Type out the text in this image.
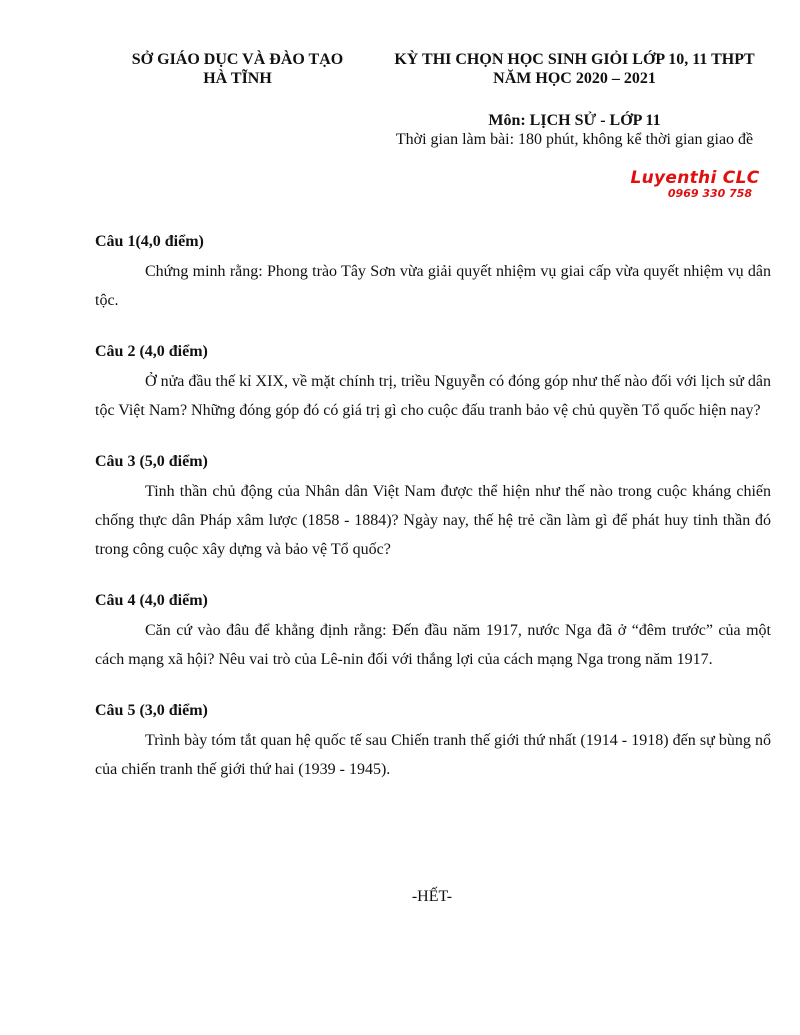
SỞ GIÁO DỤC VÀ ĐÀO TẠO
HÀ TĨNH
KỲ THI CHỌN HỌC SINH GIỎI LỚP 10, 11 THPT
NĂM HỌC 2020 – 2021
Môn: LỊCH SỬ - LỚP 11
Thời gian làm bài: 180 phút, không kể thời gian giao đề
Luyenthi CLC
0969 330 758
Câu 1(4,0 điểm)
Chứng minh rằng: Phong trào Tây Sơn vừa giải quyết nhiệm vụ giai cấp vừa quyết nhiệm vụ dân tộc.
Câu 2 (4,0 điểm)
Ở nửa đầu thế kỉ XIX, về mặt chính trị, triều Nguyễn có đóng góp như thế nào đối với lịch sử dân tộc Việt Nam? Những đóng góp đó có giá trị gì cho cuộc đấu tranh bảo vệ chủ quyền Tổ quốc hiện nay?
Câu 3 (5,0 điểm)
Tinh thần chủ động của Nhân dân Việt Nam được thể hiện như thế nào trong cuộc kháng chiến chống thực dân Pháp xâm lược (1858 - 1884)? Ngày nay, thế hệ trẻ cần làm gì để phát huy tinh thần đó trong công cuộc xây dựng và bảo vệ Tổ quốc?
Câu 4 (4,0 điểm)
Căn cứ vào đâu để khẳng định rằng: Đến đầu năm 1917, nước Nga đã ở “đêm trước” của một cách mạng xã hội? Nêu vai trò của Lê-nin đối với thắng lợi của cách mạng Nga trong năm 1917.
Câu 5 (3,0 điểm)
Trình bày tóm tắt quan hệ quốc tế sau Chiến tranh thế giới thứ nhất (1914 - 1918) đến sự bùng nổ của chiến tranh thế giới thứ hai (1939 - 1945).
-HẾT-
